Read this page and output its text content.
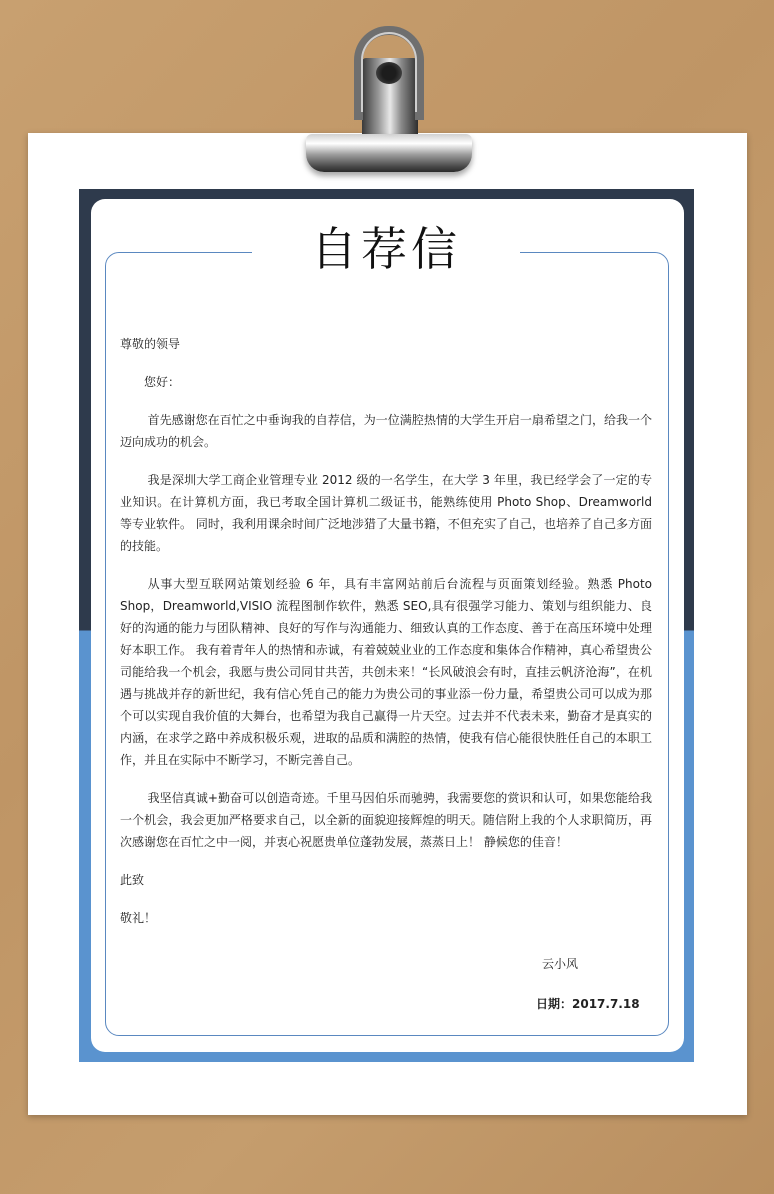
自荐信

尊敬的领导

您好：

首先感谢您在百忙之中垂询我的自荐信，为一位满腔热情的大学生开启一扇希望之门，给我一个迈向成功的机会。

我是深圳大学工商企业管理专业 2012 级的一名学生，在大学 3 年里，我已经学会了一定的专业知识。在计算机方面，我已考取全国计算机二级证书，能熟练使用 Photo Shop、Dreamworld 等专业软件。 同时，我利用课余时间广泛地涉猎了大量书籍，不但充实了自己，也培养了自己多方面的技能。

从事大型互联网站策划经验 6 年，具有丰富网站前后台流程与页面策划经验。熟悉 Photo Shop，Dreamworld,VISIO 流程图制作软件，熟悉 SEO,具有很强学习能力、策划与组织能力、良好的沟通的能力与团队精神、良好的写作与沟通能力、细致认真的工作态度、善于在高压环境中处理好本职工作。 我有着青年人的热情和赤诚，有着兢兢业业的工作态度和集体合作精神，真心希望贵公司能给我一个机会，我愿与贵公司同甘共苦，共创未来！“长风破浪会有时，直挂云帆济沧海”，在机遇与挑战并存的新世纪，我有信心凭自己的能力为贵公司的事业添一份力量，希望贵公司可以成为那个可以实现自我价值的大舞台，也希望为我自己赢得一片天空。过去并不代表未来，勤奋才是真实的内涵，在求学之路中养成积极乐观，进取的品质和满腔的热情，使我有信心能很快胜任自己的本职工作，并且在实际中不断学习，不断完善自己。

我坚信真诚+勤奋可以创造奇迹。千里马因伯乐而驰骋，我需要您的赏识和认可，如果您能给我一个机会，我会更加严格要求自己，以全新的面貌迎接辉煌的明天。随信附上我的个人求职简历，再次感谢您在百忙之中一阅，并衷心祝愿贵单位蓬勃发展，蒸蒸日上！ 静候您的佳音！

此致

敬礼！

云小风
日期：2017.7.18
